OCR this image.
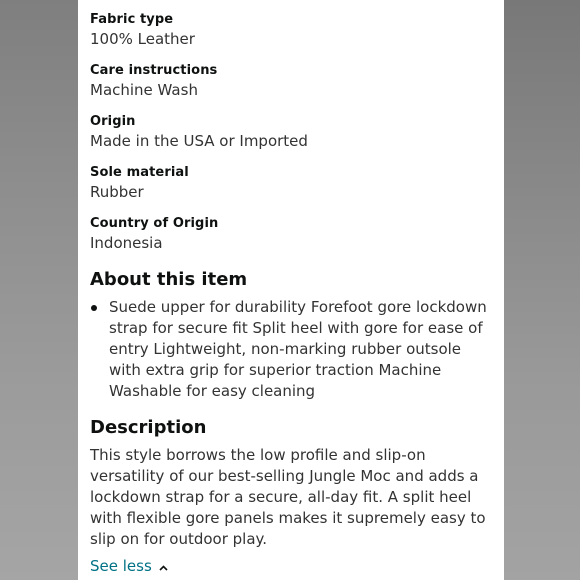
Fabric type
100% Leather
Care instructions
Machine Wash
Origin
Made in the USA or Imported
Sole material
Rubber
Country of Origin
Indonesia
About this item
Suede upper for durability Forefoot gore lockdown strap for secure fit Split heel with gore for ease of entry Lightweight, non-marking rubber outsole with extra grip for superior traction Machine Washable for easy cleaning
Description

This style borrows the low profile and slip-on versatility of our best-selling Jungle Moc and adds a lockdown strap for a secure, all-day fit. A split heel with flexible gore panels makes it supremely easy to slip on for outdoor play.

See less
